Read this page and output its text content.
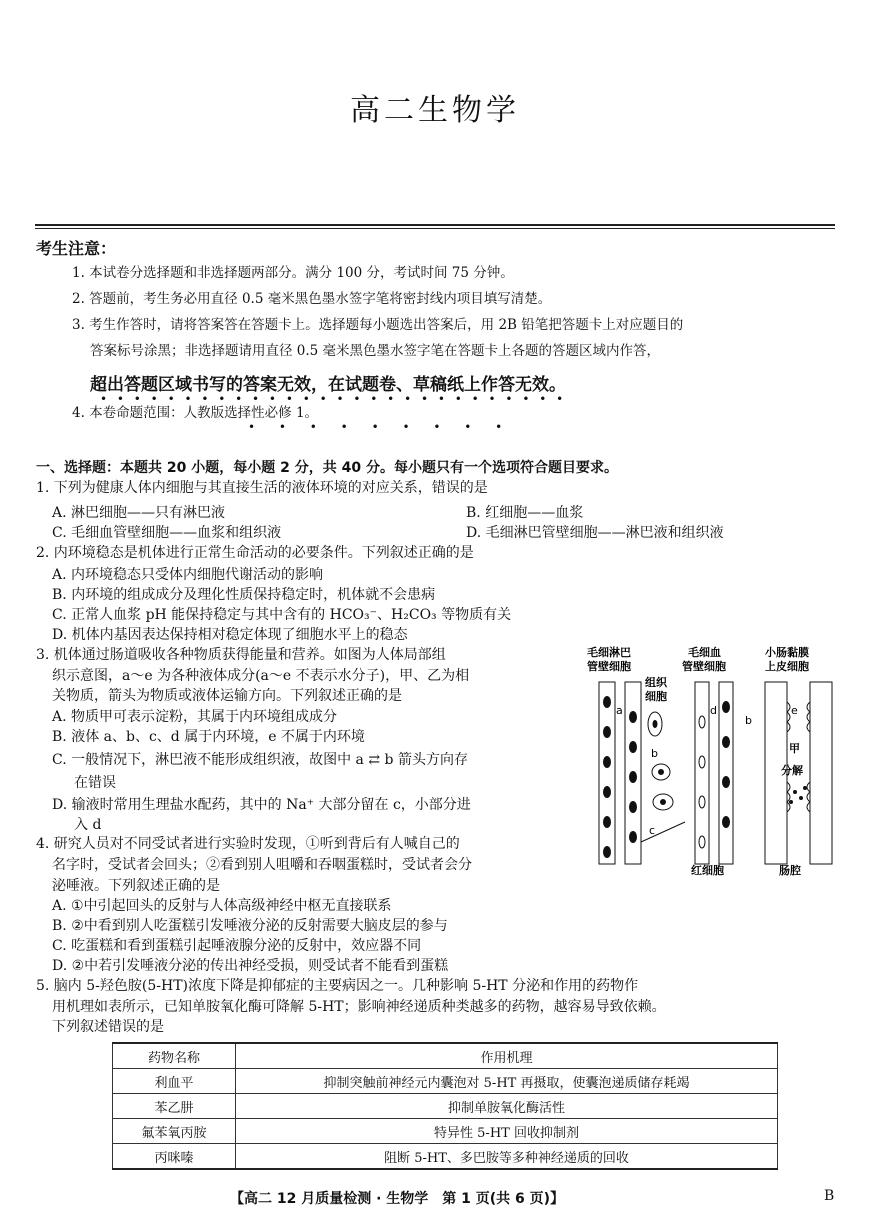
高二生物学
考生注意：
1. 本试卷分选择题和非选择题两部分。满分 100 分，考试时间 75 分钟。
2. 答题前，考生务必用直径 0.5 毫米黑色墨水签字笔将密封线内项目填写清楚。
3. 考生作答时，请将答案答在答题卡上。选择题每小题选出答案后，用 2B 铅笔把答题卡上对应题目的
答案标号涂黑；非选择题请用直径 0.5 毫米黑色墨水签字笔在答题卡上各题的答题区域内作答，
超出答题区域书写的答案无效，在试题卷、草稿纸上作答无效。
• • • • • • • • • • • • • • • • • • • • • • • • • • • •
4. 本卷命题范围：人教版选择性必修 1。
• • • • • • • • •
一、选择题：本题共 20 小题，每小题 2 分，共 40 分。每小题只有一个选项符合题目要求。
1. 下列为健康人体内细胞与其直接生活的液体环境的对应关系，错误的是
A. 淋巴细胞——只有淋巴液	B. 红细胞——血浆
C. 毛细血管壁细胞——血浆和组织液	D. 毛细淋巴管壁细胞——淋巴液和组织液
2. 内环境稳态是机体进行正常生命活动的必要条件。下列叙述正确的是
A. 内环境稳态只受体内细胞代谢活动的影响
B. 内环境的组成成分及理化性质保持稳定时，机体就不会患病
C. 正常人血浆 pH 能保持稳定与其中含有的 HCO₃⁻、H₂CO₃ 等物质有关
D. 机体内基因表达保持相对稳定体现了细胞水平上的稳态
3. 机体通过肠道吸收各种物质获得能量和营养。如图为人体局部组
织示意图，a～e 为各种液体成分(a～e 不表示水分子)，甲、乙为相
关物质，箭头为物质或液体运输方向。下列叙述正确的是
A. 物质甲可表示淀粉，其属于内环境组成成分
B. 液体 a、b、c、d 属于内环境，e 不属于内环境
C. 一般情况下，淋巴液不能形成组织液，故图中 a ⇄ b 箭头方向存
在错误
D. 输液时常用生理盐水配药，其中的 Na⁺ 大部分留在 c，小部分进
入 d
毛细淋巴
管壁细胞
毛细血
管壁细胞
小肠黏膜
上皮细胞
组织
细胞
a
b
c
d
红细胞
b
e
甲
分解
肠腔
4. 研究人员对不同受试者进行实验时发现，①听到背后有人喊自己的
名字时，受试者会回头；②看到别人咀嚼和吞咽蛋糕时，受试者会分
泌唾液。下列叙述正确的是
A. ①中引起回头的反射与人体高级神经中枢无直接联系
B. ②中看到别人吃蛋糕引发唾液分泌的反射需要大脑皮层的参与
C. 吃蛋糕和看到蛋糕引起唾液腺分泌的反射中，效应器不同
D. ②中若引发唾液分泌的传出神经受损，则受试者不能看到蛋糕
5. 脑内 5-羟色胺(5-HT)浓度下降是抑郁症的主要病因之一。几种影响 5-HT 分泌和作用的药物作
用机理如表所示，已知单胺氧化酶可降解 5-HT；影响神经递质种类越多的药物，越容易导致依赖。
下列叙述错误的是
药物名称	作用机理
利血平	抑制突触前神经元内囊泡对 5-HT 再摄取，使囊泡递质储存耗竭
苯乙肼	抑制单胺氧化酶活性
氟苯氧丙胺	特异性 5-HT 回收抑制剂
丙咪嗪	阻断 5-HT、多巴胺等多种神经递质的回收
【高二 12 月质量检测 · 生物学　第 1 页(共 6 页)】	B
